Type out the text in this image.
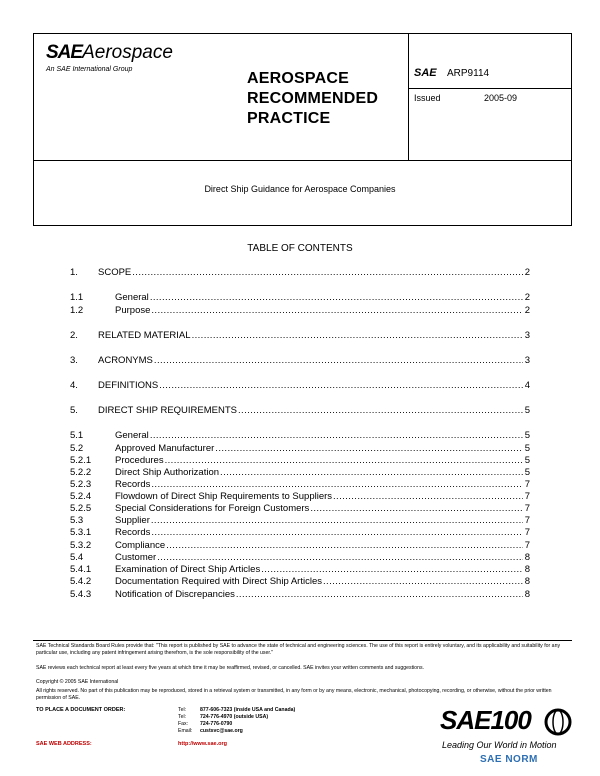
SAEAerospace
An SAE International Group
AEROSPACE
RECOMMENDED
PRACTICE
SAE ARP9114
Issued	2005-09
Direct Ship Guidance for Aerospace Companies
TABLE OF CONTENTS
1.	SCOPE .....	2
1.1	General .....	2
1.2	Purpose .....	2
2.	RELATED MATERIAL .....	3
3.	ACRONYMS .....	3
4.	DEFINITIONS .....	4
5.	DIRECT SHIP REQUIREMENTS .....	5
5.1	General .....	5
5.2	Approved Manufacturer .....	5
5.2.1	Procedures .....	5
5.2.2	Direct Ship Authorization .....	5
5.2.3	Records .....	7
5.2.4	Flowdown of Direct Ship Requirements to Suppliers .....	7
5.2.5	Special Considerations for Foreign Customers .....	7
5.3	Supplier .....	7
5.3.1	Records .....	7
5.3.2	Compliance .....	7
5.4	Customer .....	8
5.4.1	Examination of Direct Ship Articles .....	8
5.4.2	Documentation Required with Direct Ship Articles .....	8
5.4.3	Notification of Discrepancies .....	8
SAE Technical Standards Board Rules provide that: "This report is published by SAE to advance the state of technical and engineering sciences. The use of this report is entirely voluntary, and its applicability and suitability for any particular use, including any patent infringement arising therefrom, is the sole responsibility of the user."
SAE reviews each technical report at least every five years at which time it may be reaffirmed, revised, or cancelled. SAE invites your written comments and suggestions.
Copyright © 2005 SAE International
All rights reserved. No part of this publication may be reproduced, stored in a retrieval system or transmitted, in any form or by any means, electronic, mechanical, photocopying, recording, or otherwise, without the prior written permission of SAE.
TO PLACE A DOCUMENT ORDER:	Tel:	877-606-7323 (inside USA and Canada)
Tel:	724-776-4970 (outside USA)
Fax:	724-776-0790
Email:	custsvc@sae.org
SAE WEB ADDRESS:	http://www.sae.org
SAE100
Leading Our World in Motion
SAE NORM
